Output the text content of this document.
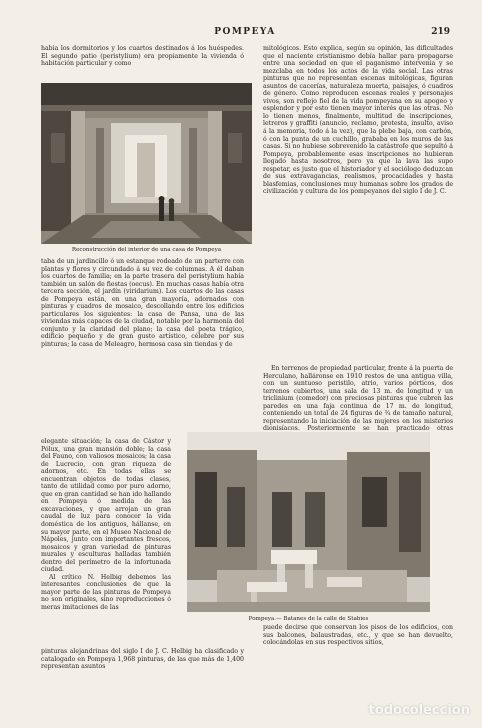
POMPEYA	219

habia los dormitorios y los cuartos destinados á los huéspedes. El segundo patio (peristylium) era propiamente la vivienda ó habitación particular y como

mitológicos. Esto explica, según su opinión, las dificultades que el naciente cristianismo debía hallar para propagarse entre una sociedad en que el paganismo intervenia y se mezclaba en todos los actos de la vida social. Las otras pinturas que no representan escenas mitológicas, figuran asuntos de cacerías, naturaleza muerta, paisajes, ó cuadros de género. Como reproducen escenas reales y personajes vivos, son reflejo fiel de la vida pompeyana en su apogeo y esplendor y por esto tienen mayor interés que las otras. No lo tienen menos, finalmente, multitud de inscripciones, letreros y graffiti (anuncio, reclamo, protesta, insulto, aviso á la memoria, todo á la vez), que la plebe baja, con carbón, ó con la punta de un cuchillo, grababa en los muros de las casas. Si no hubiese sobrevenido la catástrofe que sepultó á Pompeya, probablemente esas inscripciones no hubieran llegado hasta nosotros, pero ya que la lava las supo respetar, es justo que el historiador y el sociólogo deduzcan de sus extravagancias, realismos, procacidades y hasta blasfemias, conclusiones muy humanas sobre los grados de civilización y cultura de los pompeyanos del siglo I de J. C.

Reconstrucción del interior de una casa de Pompeya

taba de un jardincillo ó un estanque rodeado de un parterre con plantas y flores y circundado á su vez de columnas. A él daban los cuartos de familia; en la parte trasera del peristylium había también un salón de fiestas (oecus). En muchas casas había otra tercera sección, el jardín (viridarium). Los cuartos de las casas de Pompeya están, en una gran mayoría, adornados con pinturas y cuadros de mosaico, descollando entre los edificios particulares los siguientes: la casa de Pansa, una de las viviendas más capaces de la ciudad, notable por la harmonía del conjunto y la claridad del plano; la casa del poeta trágico, edificio pequeño y de gran gusto artístico, célebre por sus pinturas; la casa de Meleagro, hermosa casa sin tiendas y de

En terrenos de propiedad particular, frente á la puerta de Herculano, halláronse en 1910 restos de una antigua villa, con un suntuoso peristilo, atrio, varios pórticos, dos terrenos cubiertos, una sala de 13 m. de longitud y un triclinium (comedor) con preciosas pinturas que cubren las paredes en una faja continua de 17 m. de longitud, conteniendo un total de 24 figuras de ¾ de tamaño natural, representando la iniciación de las mujeres en los misterios dionisíacos. Posteriormente se han practicado otras

elegante situación; la casa de Cástor y Pólux, una gran mansión doble; la casa del Fauno, con valiosos mosaicos; la casa de Lucrecio, con gran riqueza de adornos, etc. En todas ellas se encuentran objetos de todas clases, tanto de utilidad como por puro adorno, que en gran cantidad se han ido hallando en Pompeya ó medida de las excavaciones, y que arrojan un gran caudal de luz para conocer la vida doméstica de los antiguos, hállanse, en su mayor parte, en el Museo Nacional de Nápoles, junto con importantes frescos, mosaicos y gran variedad de pinturas murales y esculturas halladas también dentro del perímetro de la infortunada ciudad.

Al crítico N. Helbig debemos las interesantes conclusiones de que la mayor parte de las pinturas de Pompeya no son originales, sino reproducciones ó meras imitaciones de las

Pompeya.— Batanes de la calle de Stabies

pinturas alejandrinas del siglo I de J. C. Helbig ha clasificado y catalogado en Pompeya 1,968 pinturas, de las que más de 1,400 representan asuntos

puede decirse que conservan los pisos de los edificios, con sus balcones, balaustradas, etc., y que se han devuelto, colocándolas en sus respectivos sitios,

todocoleccion
